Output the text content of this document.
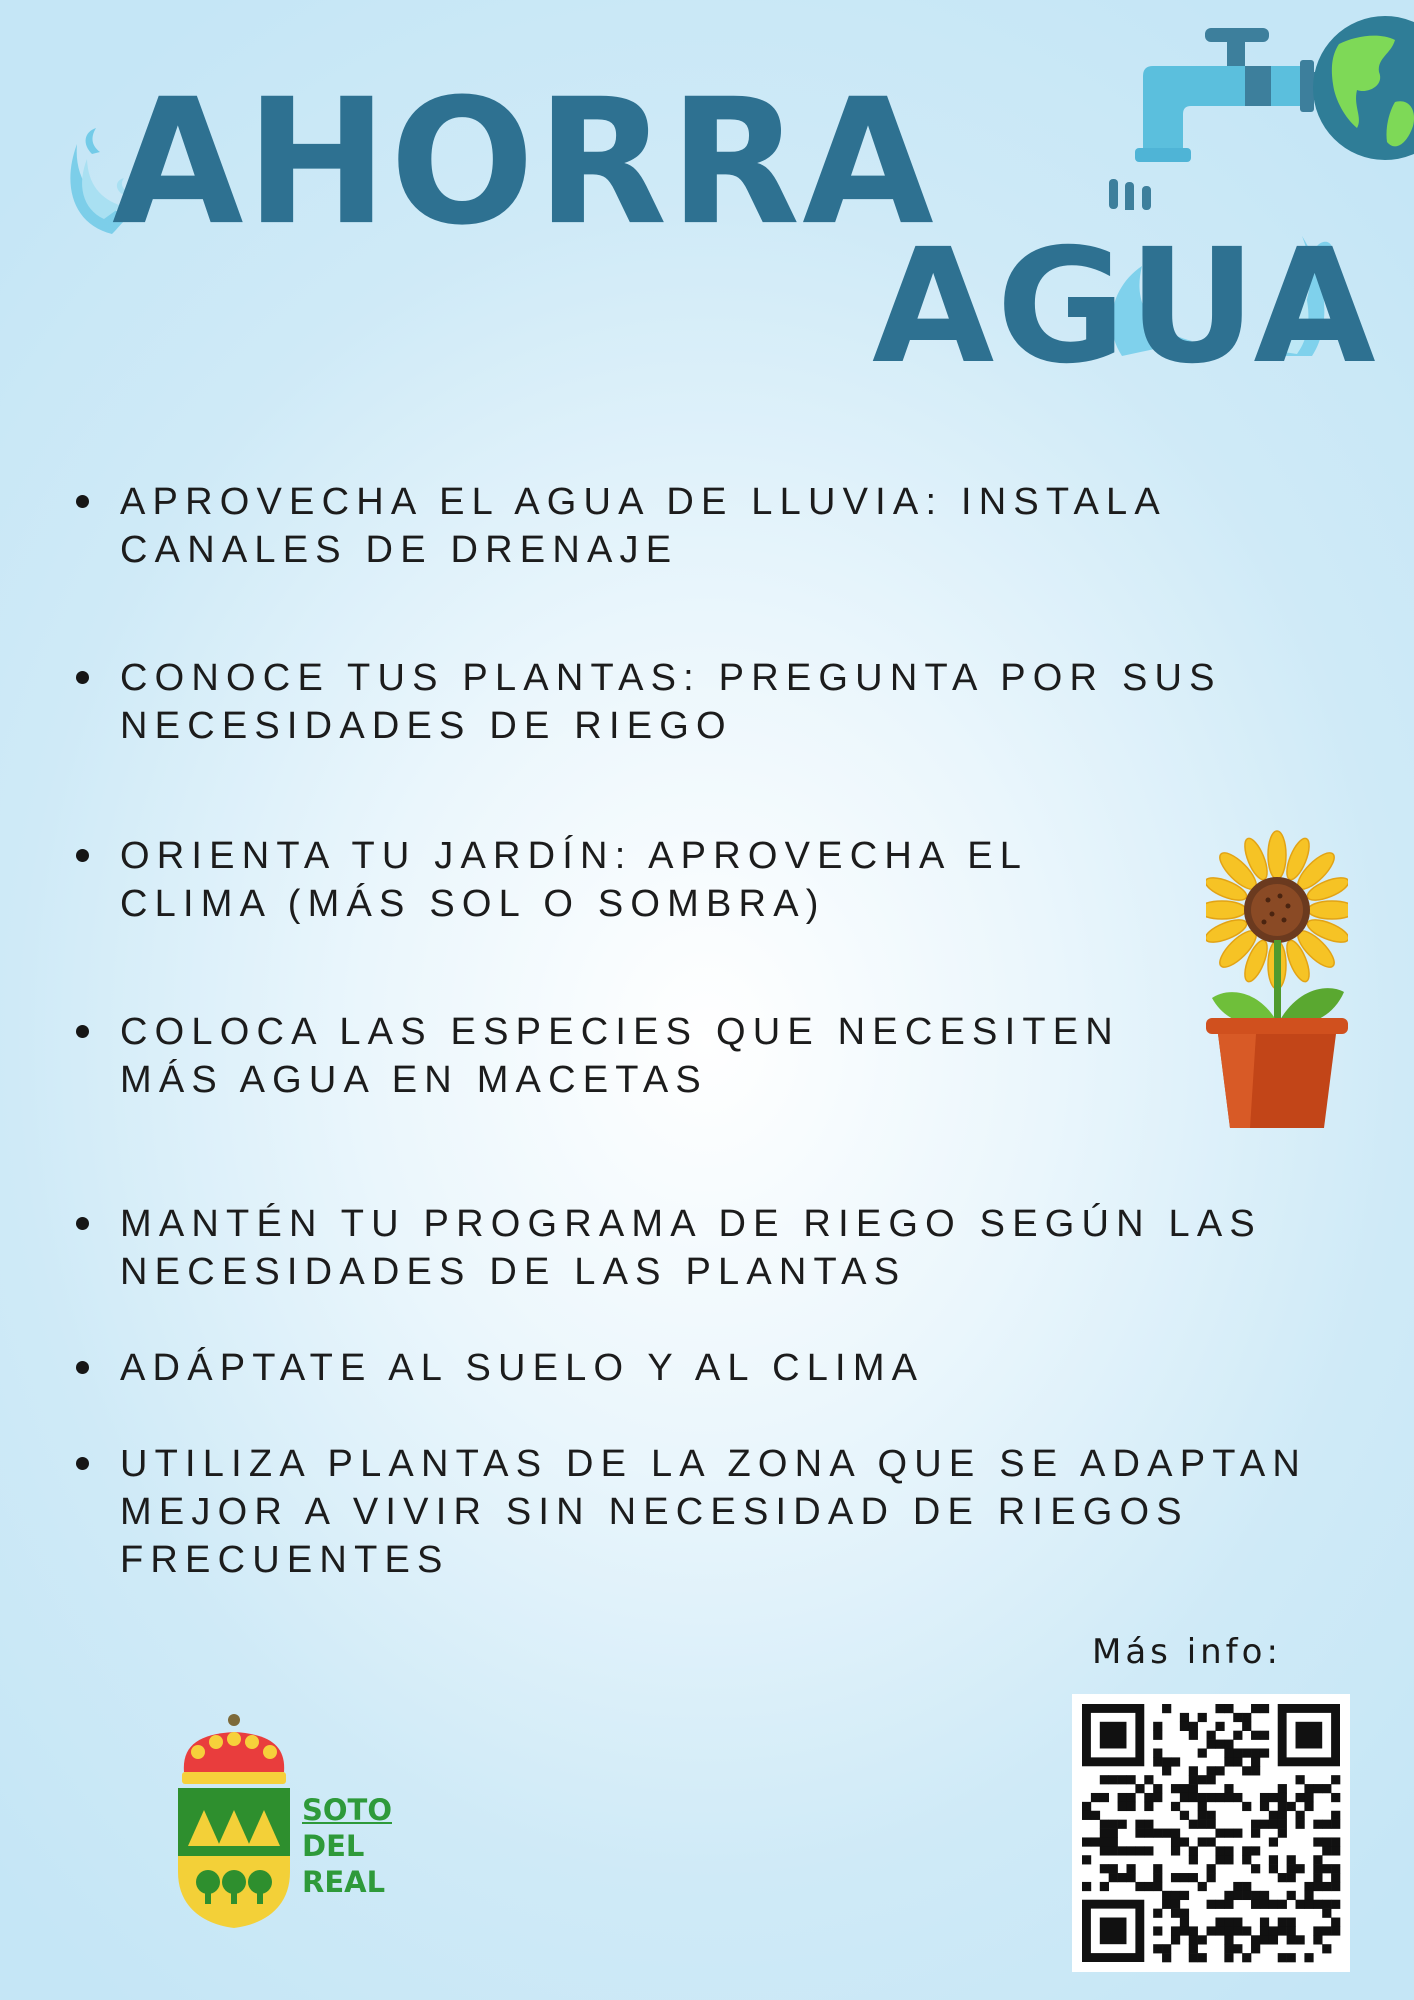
AHORRA
AGUA
APROVECHA EL AGUA DE LLUVIA: INSTALA CANALES DE DRENAJE
CONOCE TUS PLANTAS: PREGUNTA POR SUS NECESIDADES DE RIEGO
ORIENTA TU JARDÍN: APROVECHA EL CLIMA (MÁS SOL O SOMBRA)
COLOCA LAS ESPECIES QUE NECESITEN MÁS AGUA EN MACETAS
MANTÉN TU PROGRAMA DE RIEGO SEGÚN LAS NECESIDADES DE LAS PLANTAS
ADÁPTATE AL SUELO Y AL CLIMA
UTILIZA PLANTAS DE LA ZONA QUE SE ADAPTAN MEJOR A VIVIR SIN NECESIDAD DE RIEGOS FRECUENTES
SOTO
DEL
REAL
Más info:
